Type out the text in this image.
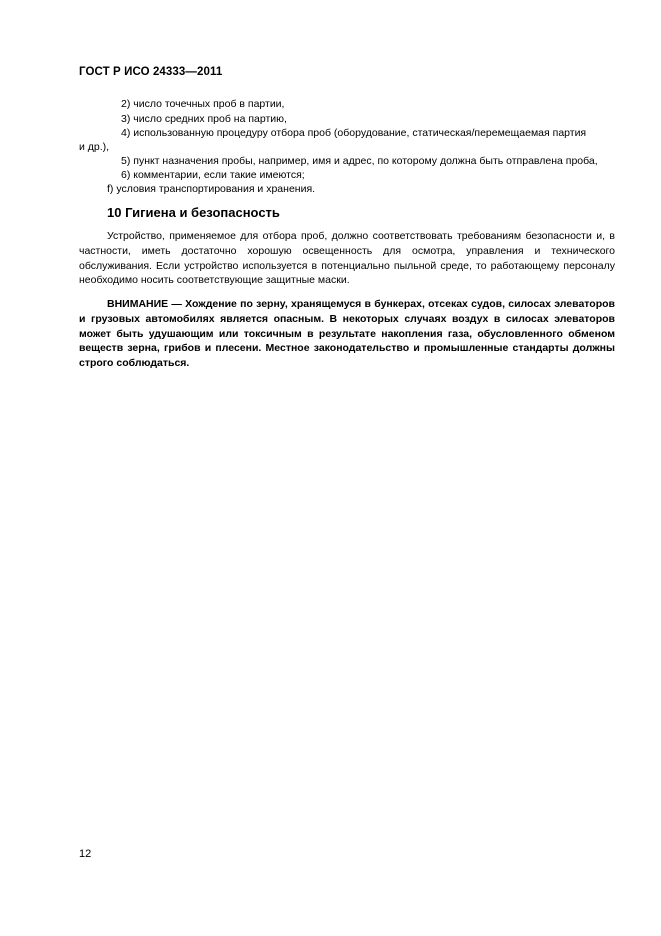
ГОСТ Р ИСО 24333—2011
2) число точечных проб в партии,
3) число средних проб на партию,
4) использованную процедуру отбора проб (оборудование, статическая/перемещаемая партия
и др.),
5) пункт назначения пробы, например, имя и адрес, по которому должна быть отправлена проба,
6) комментарии, если такие имеются;
f) условия транспортирования и хранения.
10 Гигиена и безопасность
Устройство, применяемое для отбора проб, должно соответствовать требованиям безопасности и, в частности, иметь достаточно хорошую освещенность для осмотра, управления и технического обслуживания. Если устройство используется в потенциально пыльной среде, то работающему персоналу необходимо носить соответствующие защитные маски.
ВНИМАНИЕ — Хождение по зерну, хранящемуся в бункерах, отсеках судов, силосах элеваторов и грузовых автомобилях является опасным. В некоторых случаях воздух в силосах элеваторов может быть удушающим или токсичным в результате накопления газа, обусловленного обменом веществ зерна, грибов и плесени. Местное законодательство и промышленные стандарты должны строго соблюдаться.
12
